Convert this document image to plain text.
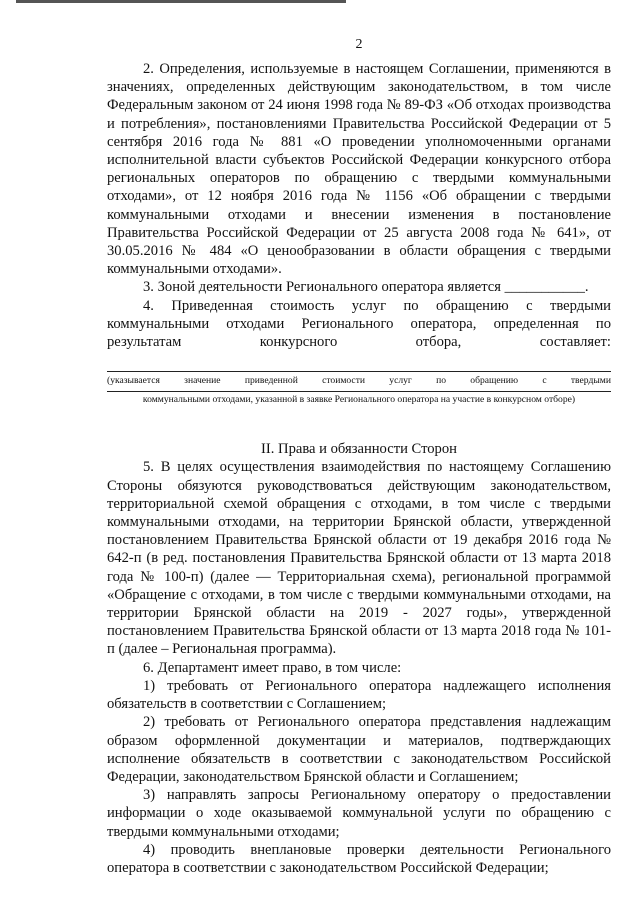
2

2. Определения, используемые в настоящем Соглашении, применяются в значениях, определенных действующим законодательством, в том числе Федеральным законом от 24 июня 1998 года № 89-ФЗ «Об отходах производства и потребления», постановлениями Правительства Российской Федерации от 5 сентября 2016 года № 881 «О проведении уполномоченными органами исполнительной власти субъектов Российской Федерации конкурсного отбора региональных операторов по обращению с твердыми коммунальными отходами», от 12 ноября 2016 года № 1156 «Об обращении с твердыми коммунальными отходами и внесении изменения в постановление Правительства Российской Федерации от 25 августа 2008 года № 641», от 30.05.2016 № 484 «О ценообразовании в области обращения с твердыми коммунальными отходами».

3. Зоной деятельности Регионального оператора является ___________.

4. Приведенная стоимость услуг по обращению с твердыми коммунальными отходами Регионального оператора, определенная по результатам конкурсного отбора, составляет:

(указывается значение приведенной стоимости услуг по обращению с твердыми
коммунальными отходами, указанной в заявке Регионального оператора на участие в конкурсном отборе)
II. Права и обязанности Сторон

5. В целях осуществления взаимодействия по настоящему Соглашению Стороны обязуются руководствоваться действующим законодательством, территориальной схемой обращения с отходами, в том числе с твердыми коммунальными отходами, на территории Брянской области, утвержденной постановлением Правительства Брянской области от 19 декабря 2016 года № 642-п (в ред. постановления Правительства Брянской области от 13 марта 2018 года № 100-п) (далее — Территориальная схема), региональной программой «Обращение с отходами, в том числе с твердыми коммунальными отходами, на территории Брянской области на 2019 - 2027 годы», утвержденной постановлением Правительства Брянской области от 13 марта 2018 года № 101-п (далее – Региональная программа).

6. Департамент имеет право, в том числе:

1) требовать от Регионального оператора надлежащего исполнения обязательств в соответствии с Соглашением;

2) требовать от Регионального оператора представления надлежащим образом оформленной документации и материалов, подтверждающих исполнение обязательств в соответствии с законодательством Российской Федерации, законодательством Брянской области и Соглашением;

3) направлять запросы Региональному оператору о предоставлении информации о ходе оказываемой коммунальной услуги по обращению с твердыми коммунальными отходами;

4) проводить внеплановые проверки деятельности Регионального оператора в соответствии с законодательством Российской Федерации;
